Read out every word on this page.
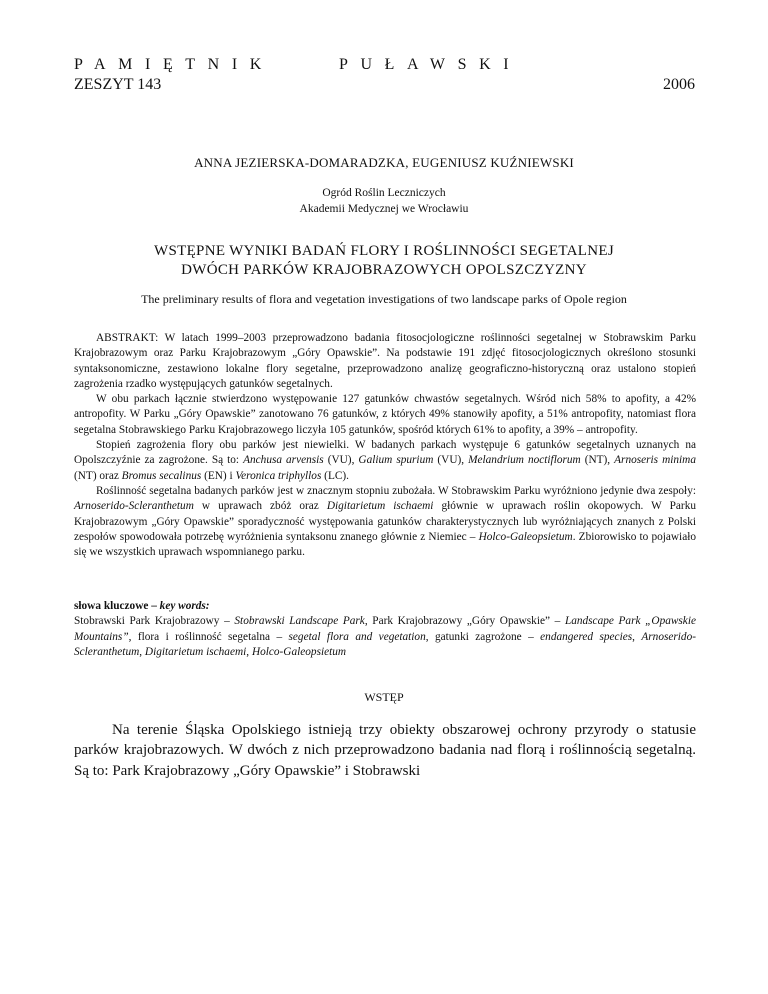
PAMIĘTNIK	PUŁAWSKI
ZESZYT 143	2006
ANNA JEZIERSKA-DOMARADZKA, EUGENIUSZ KUŹNIEWSKI
Ogród Roślin Leczniczych
Akademii Medycznej we Wrocławiu
WSTĘPNE WYNIKI BADAŃ FLORY I ROŚLINNOŚCI SEGETALNEJ
DWÓCH PARKÓW KRAJOBRAZOWYCH OPOLSZCZYZNY
The preliminary results of flora and vegetation investigations of two landscape parks of Opole region

ABSTRAKT: W latach 1999–2003 przeprowadzono badania fitosocjologiczne roślinności segetalnej w Stobrawskim Parku Krajobrazowym oraz Parku Krajobrazowym „Góry Opawskie”. Na podstawie 191 zdjęć fitosocjologicznych określono stosunki syntaksonomiczne, zestawiono lokalne flory segetalne, przeprowadzono analizę geograficzno-historyczną oraz ustalono stopień zagrożenia rzadko występujących gatunków segetalnych.

W obu parkach łącznie stwierdzono występowanie 127 gatunków chwastów segetalnych. Wśród nich 58% to apofity, a 42% antropofity. W Parku „Góry Opawskie” zanotowano 76 gatunków, z których 49% stanowiły apofity, a 51% antropofity, natomiast flora segetalna Stobrawskiego Parku Krajobrazowego liczyła 105 gatunków, spośród których 61% to apofity, a 39% – antropofity.

Stopień zagrożenia flory obu parków jest niewielki. W badanych parkach występuje 6 gatunków segetalnych uznanych na Opolszczyźnie za zagrożone. Są to: Anchusa arvensis (VU), Galium spurium (VU), Melandrium noctiflorum (NT), Arnoseris minima (NT) oraz Bromus secalinus (EN) i Veronica triphyllos (LC).

Roślinność segetalna badanych parków jest w znacznym stopniu zubożała. W Stobrawskim Parku wyróżniono jedynie dwa zespoły: Arnoserido-Scleranthetum w uprawach zbóż oraz Digitarietum ischaemi głównie w uprawach roślin okopowych. W Parku Krajobrazowym „Góry Opawskie” sporadyczność występowania gatunków charakterystycznych lub wyróżniających znanych z Polski zespołów spowodowała potrzebę wyróżnienia syntaksonu znanego głównie z Niemiec – Holco-Galeopsietum. Zbiorowisko to pojawiało się we wszystkich uprawach wspomnianego parku.

słowa kluczowe – key words:
Stobrawski Park Krajobrazowy – Stobrawski Landscape Park, Park Krajobrazowy „Góry Opawskie” – Landscape Park „Opawskie Mountains”, flora i roślinność segetalna – segetal flora and vegetation, gatunki zagrożone – endangered species, Arnoserido-Scleranthetum, Digitarietum ischaemi, Holco-Galeopsietum
WSTĘP

Na terenie Śląska Opolskiego istnieją trzy obiekty obszarowej ochrony przyrody o statusie parków krajobrazowych. W dwóch z nich przeprowadzono badania nad florą i roślinnością segetalną. Są to: Park Krajobrazowy „Góry Opawskie” i Stobrawski
